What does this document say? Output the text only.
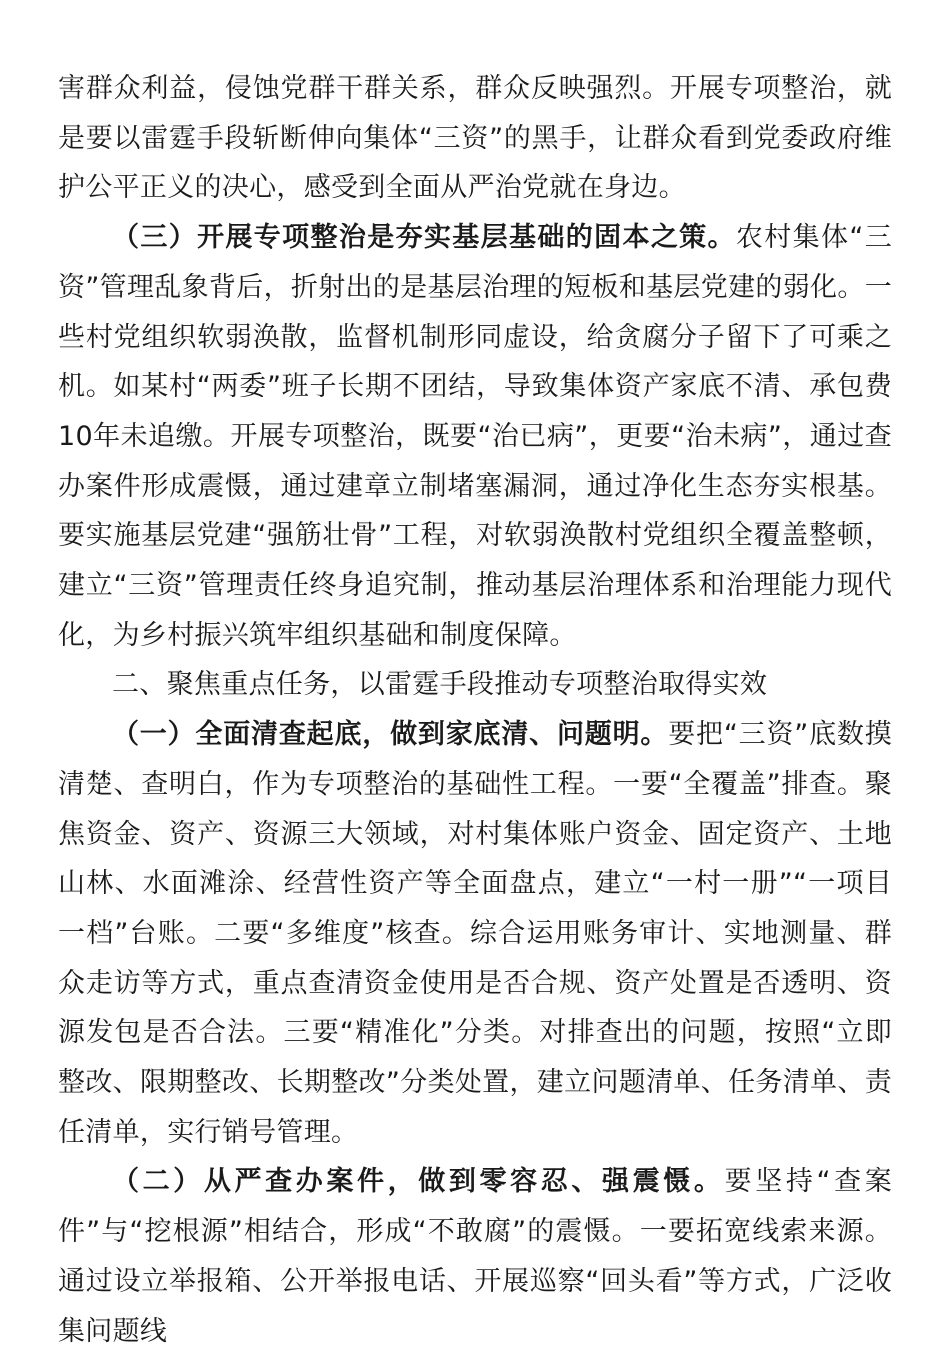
害群众利益，侵蚀党群干群关系，群众反映强烈。开展专项整治，就是要以雷霆手段斩断伸向集体“三资”的黑手，让群众看到党委政府维护公平正义的决心，感受到全面从严治党就在身边。

（三）开展专项整治是夯实基层基础的固本之策。农村集体“三资”管理乱象背后，折射出的是基层治理的短板和基层党建的弱化。一些村党组织软弱涣散，监督机制形同虚设，给贪腐分子留下了可乘之机。如某村“两委”班子长期不团结，导致集体资产家底不清、承包费10年未追缴。开展专项整治，既要“治已病”，更要“治未病”，通过查办案件形成震慑，通过建章立制堵塞漏洞，通过净化生态夯实根基。要实施基层党建“强筋壮骨”工程，对软弱涣散村党组织全覆盖整顿，建立“三资”管理责任终身追究制，推动基层治理体系和治理能力现代化，为乡村振兴筑牢组织基础和制度保障。

二、聚焦重点任务，以雷霆手段推动专项整治取得实效

（一）全面清查起底，做到家底清、问题明。要把“三资”底数摸清楚、查明白，作为专项整治的基础性工程。一要“全覆盖”排查。聚焦资金、资产、资源三大领域，对村集体账户资金、固定资产、土地山林、水面滩涂、经营性资产等全面盘点，建立“一村一册”“一项目一档”台账。二要“多维度”核查。综合运用账务审计、实地测量、群众走访等方式，重点查清资金使用是否合规、资产处置是否透明、资源发包是否合法。三要“精准化”分类。对排查出的问题，按照“立即整改、限期整改、长期整改”分类处置，建立问题清单、任务清单、责任清单，实行销号管理。

（二）从严查办案件，做到零容忍、强震慑。要坚持“查案件”与“挖根源”相结合，形成“不敢腐”的震慑。一要拓宽线索来源。通过设立举报箱、公开举报电话、开展巡察“回头看”等方式，广泛收集问题线
